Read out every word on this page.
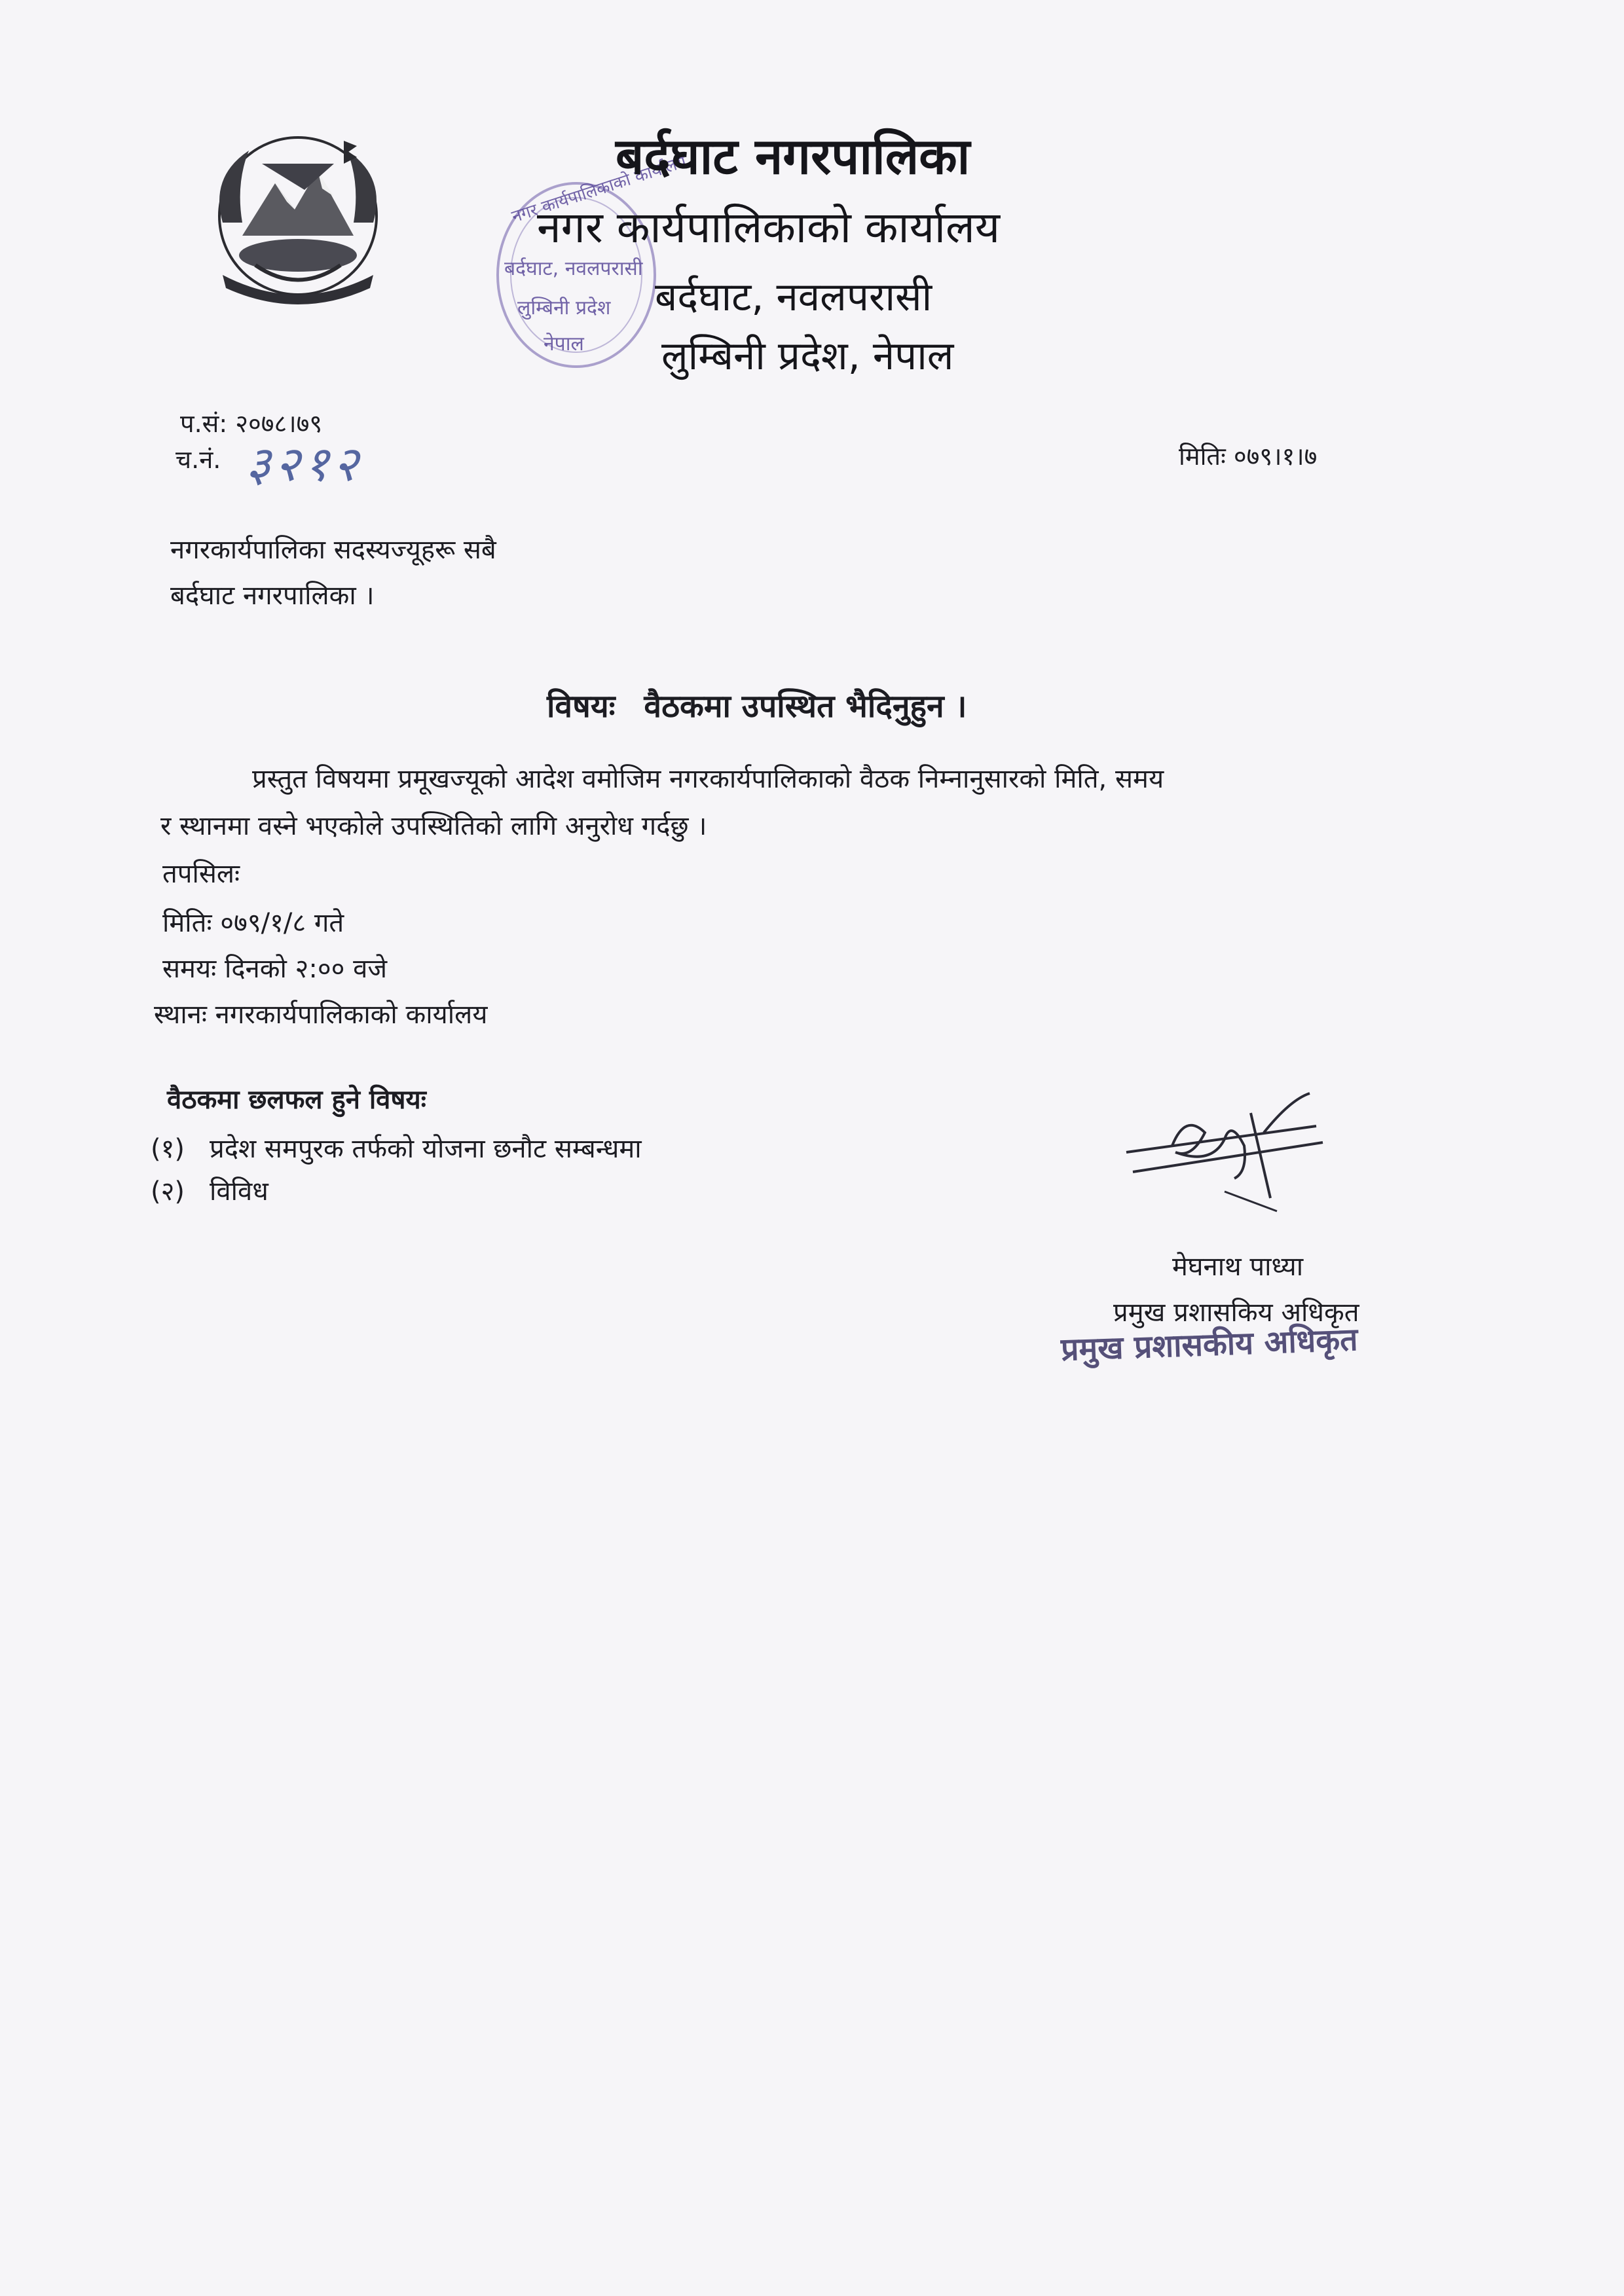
नगर कार्यपालिकाको कार्यालय
बर्दघाट, नवलपरासी
लुम्बिनी प्रदेश
नेपाल
बर्दघाट नगरपालिका
नगर कार्यपालिकाको कार्यालय
बर्दघाट, नवलपरासी
लुम्बिनी प्रदेश, नेपाल
प.सं: २०७८।७९
च.नं. ३२१२	मितिः ०७९।१।७
नगरकार्यपालिका सदस्यज्यूहरू सबै
बर्दघाट नगरपालिका ।
विषयः वैठकमा उपस्थित भैदिनुहुन ।
प्रस्तुत विषयमा प्रमूखज्यूको आदेश वमोजिम नगरकार्यपालिकाको वैठक निम्नानुसारको मिति, समय
र स्थानमा वस्ने भएकोले उपस्थितिको लागि अनुरोध गर्दछु ।
तपसिलः
मितिः ०७९/१/८ गते
समयः दिनको २:०० वजे
स्थानः नगरकार्यपालिकाको कार्यालय
वैठकमा छलफल हुने विषयः
(१) प्रदेश समपुरक तर्फको योजना छनौट सम्बन्धमा
(२) विविध
मेघनाथ पाध्या
प्रमुख प्रशासकिय अधिकृत
प्रमुख प्रशासकीय अधिकृत
